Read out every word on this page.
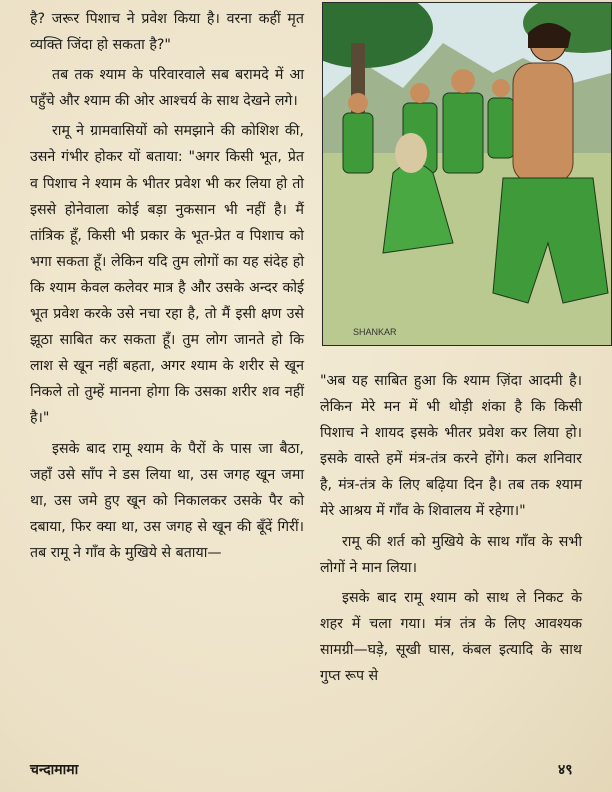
है? जरूर पिशाच ने प्रवेश किया है। वरना कहीं मृत व्यक्ति जिंदा हो सकता है?"

तब तक श्याम के परिवारवाले सब बरामदे में आ पहुँचे और श्याम की ओर आश्चर्य के साथ देखने लगे।

रामू ने ग्रामवासियों को समझाने की कोशिश की, उसने गंभीर होकर यों बताया: "अगर किसी भूत, प्रेत व पिशाच ने श्याम के भीतर प्रवेश भी कर लिया हो तो इससे होनेवाला कोई बड़ा नुकसान भी नहीं है। मैं तांत्रिक हूँ, किसी भी प्रकार के भूत-प्रेत व पिशाच को भगा सकता हूँ। लेकिन यदि तुम लोगों का यह संदेह हो कि श्याम केवल कलेवर मात्र है और उसके अन्दर कोई भूत प्रवेश करके उसे नचा रहा है, तो मैं इसी क्षण उसे झूठा साबित कर सकता हूँ। तुम लोग जानते हो कि लाश से खून नहीं बहता, अगर श्याम के शरीर से खून निकले तो तुम्हें मानना होगा कि उसका शरीर शव नहीं है।"

इसके बाद रामू श्याम के पैरों के पास जा बैठा, जहाँ उसे साँप ने डस लिया था, उस जगह खून जमा था, उस जमे हुए खून को निकालकर उसके पैर को दबाया, फिर क्या था, उस जगह से खून की बूँदें गिरीं। तब रामू ने गाँव के मुखिये से बताया—

SHANKAR

"अब यह साबित हुआ कि श्याम ज़िंदा आदमी है। लेकिन मेरे मन में भी थोड़ी शंका है कि किसी पिशाच ने शायद इसके भीतर प्रवेश कर लिया हो। इसके वास्ते हमें मंत्र-तंत्र करने होंगे। कल शनिवार है, मंत्र-तंत्र के लिए बढ़िया दिन है। तब तक श्याम मेरे आश्रय में गाँव के शिवालय में रहेगा।"

रामू की शर्त को मुखिये के साथ गाँव के सभी लोगों ने मान लिया।

इसके बाद रामू श्याम को साथ ले निकट के शहर में चला गया। मंत्र तंत्र के लिए आवश्यक सामग्री—घड़े, सूखी घास, कंबल इत्यादि के साथ गुप्त रूप से

चन्दामामा	४९
